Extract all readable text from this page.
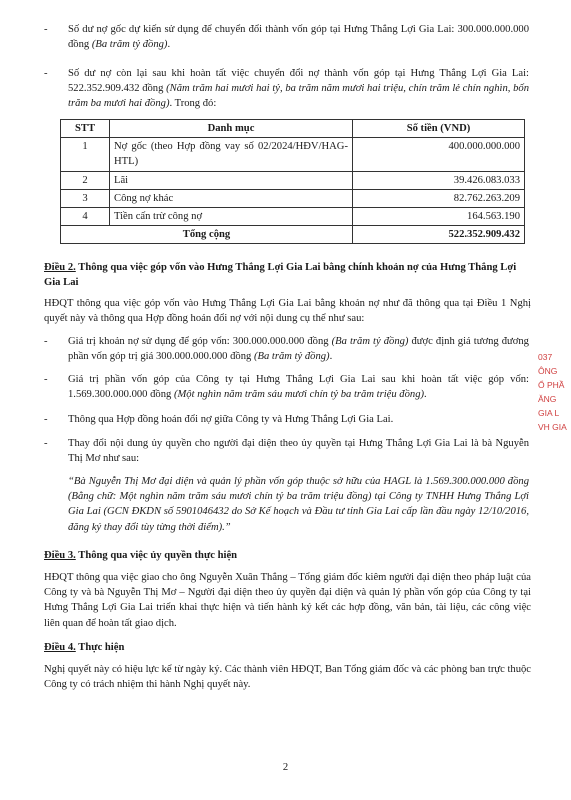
- Số dư nợ gốc dự kiến sử dụng để chuyển đổi thành vốn góp tại Hưng Thắng Lợi Gia Lai: 300.000.000.000 đồng (Ba trăm tỷ đồng).
- Số dư nợ còn lại sau khi hoàn tất việc chuyển đổi nợ thành vốn góp tại Hưng Thắng Lợi Gia Lai: 522.352.909.432 đồng (Năm trăm hai mươi hai tỷ, ba trăm năm mươi hai triệu, chín trăm lẻ chín nghìn, bốn trăm ba mươi hai đồng). Trong đó:
STT	Danh mục	Số tiền (VND)
1	Nợ gốc (theo Hợp đồng vay số 02/2024/HĐV/HAG-HTL)	400.000.000.000
2	Lãi	39.426.083.033
3	Công nợ khác	82.762.263.209
4	Tiền cấn trừ công nợ	164.563.190
Tổng cộng		522.352.909.432
Điều 2. Thông qua việc góp vốn vào Hưng Thắng Lợi Gia Lai bằng chính khoản nợ của Hưng Thắng Lợi Gia Lai
HĐQT thông qua việc góp vốn vào Hưng Thắng Lợi Gia Lai bằng khoản nợ như đã thông qua tại Điều 1 Nghị quyết này và thông qua Hợp đồng hoán đổi nợ với nội dung cụ thể như sau:
- Giá trị khoản nợ sử dụng để góp vốn: 300.000.000.000 đồng (Ba trăm tỷ đồng) được định giá tương đương phần vốn góp trị giá 300.000.000.000 đồng (Ba trăm tỷ đồng).
- Giá trị phần vốn góp của Công ty tại Hưng Thắng Lợi Gia Lai sau khi hoàn tất việc góp vốn: 1.569.300.000.000 đồng (Một nghìn năm trăm sáu mươi chín tỷ ba trăm triệu đồng).
- Thông qua Hợp đồng hoán đổi nợ giữa Công ty và Hưng Thắng Lợi Gia Lai.
- Thay đổi nội dung ủy quyền cho người đại diện theo ủy quyền tại Hưng Thắng Lợi Gia Lai là bà Nguyễn Thị Mơ như sau:
“Bà Nguyễn Thị Mơ đại diện và quản lý phần vốn góp thuộc sở hữu của HAGL là 1.569.300.000.000 đồng (Bằng chữ: Một nghìn năm trăm sáu mươi chín tỷ ba trăm triệu đồng) tại Công ty TNHH Hưng Thắng Lợi Gia Lai (GCN ĐKDN số 5901046432 do Sở Kế hoạch và Đầu tư tỉnh Gia Lai cấp lần đầu ngày 12/10/2016, đăng ký thay đổi tùy từng thời điểm).”
Điều 3. Thông qua việc ủy quyền thực hiện
HĐQT thông qua việc giao cho ông Nguyễn Xuân Thắng – Tổng giám đốc kiêm người đại diện theo pháp luật của Công ty và bà Nguyễn Thị Mơ – Người đại diện theo ủy quyền đại diện và quản lý phần vốn góp của Công ty tại Hưng Thắng Lợi Gia Lai triển khai thực hiện và tiến hành ký kết các hợp đồng, văn bản, tài liệu, các công việc liên quan để hoàn tất giao dịch.
Điều 4. Thực hiện
Nghị quyết này có hiệu lực kể từ ngày ký. Các thành viên HĐQT, Ban Tổng giám đốc và các phòng ban trực thuộc Công ty có trách nhiệm thi hành Nghị quyết này.
037
ÔNG
Ổ PHẦ
ĂNG
GIA L
VH GIA
2
